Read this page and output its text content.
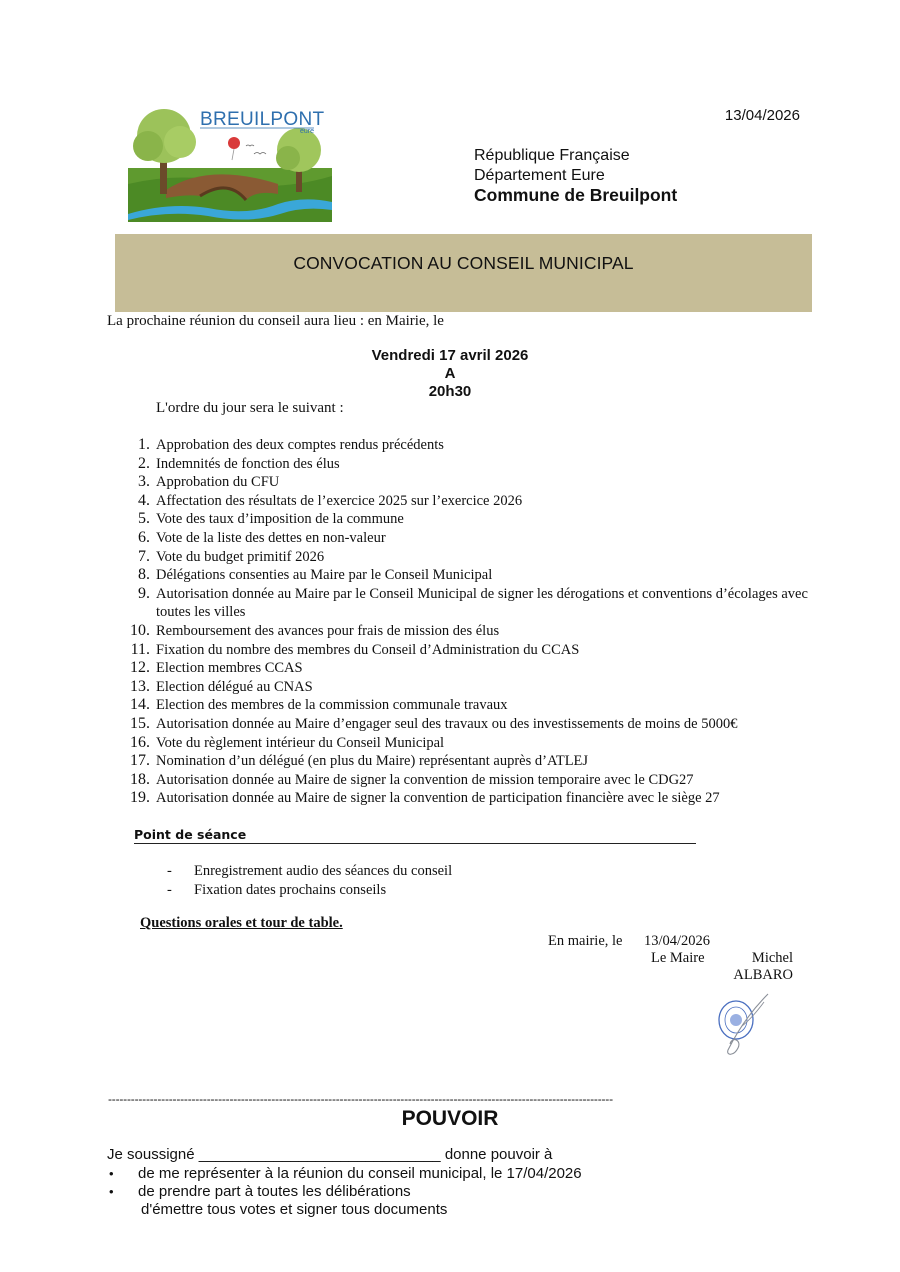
BREUILPONT
eure
13/04/2026
République Française
Département Eure
Commune de Breuilpont
CONVOCATION AU CONSEIL MUNICIPAL
La prochaine réunion du conseil aura lieu : en Mairie, le
Vendredi 17 avril 2026
A
20h30
L'ordre du jour sera le suivant :
1. Approbation des deux comptes rendus précédents
2. Indemnités de fonction des élus
3. Approbation du CFU
4. Affectation des résultats de l’exercice 2025 sur l’exercice 2026
5. Vote des taux d’imposition de la commune
6. Vote de la liste des dettes en non-valeur
7. Vote du budget primitif 2026
8. Délégations consenties au Maire par le Conseil Municipal
9. Autorisation donnée au Maire par le Conseil Municipal de signer les dérogations et conventions d’écolages avec toutes les villes
10. Remboursement des avances pour frais de mission des élus
11. Fixation du nombre des membres du Conseil d’Administration du CCAS
12. Election membres CCAS
13. Election délégué au CNAS
14. Election des membres de la commission communale travaux
15. Autorisation donnée au Maire d’engager seul des travaux ou des investissements de moins de 5000€
16. Vote du règlement intérieur du Conseil Municipal
17. Nomination d’un délégué (en plus du Maire) représentant auprès d’ATLEJ
18. Autorisation donnée au Maire de signer la convention de mission temporaire avec le CDG27
19. Autorisation donnée au Maire de signer la convention de participation financière avec le siège 27
Point de séance
- Enregistrement audio des séances du conseil
- Fixation dates prochains conseils
Questions orales et tour de table.
En mairie, le 13/04/2026
Le Maire	Michel
ALBARO
-------------------------------------------------------------------------------------------------------------------------------------
POUVOIR
Je soussigné _____________________________ donne pouvoir à
• de me représenter à la réunion du conseil municipal, le 17/04/2026
• de prendre part à toutes les délibérations
d'émettre tous votes et signer tous documents
